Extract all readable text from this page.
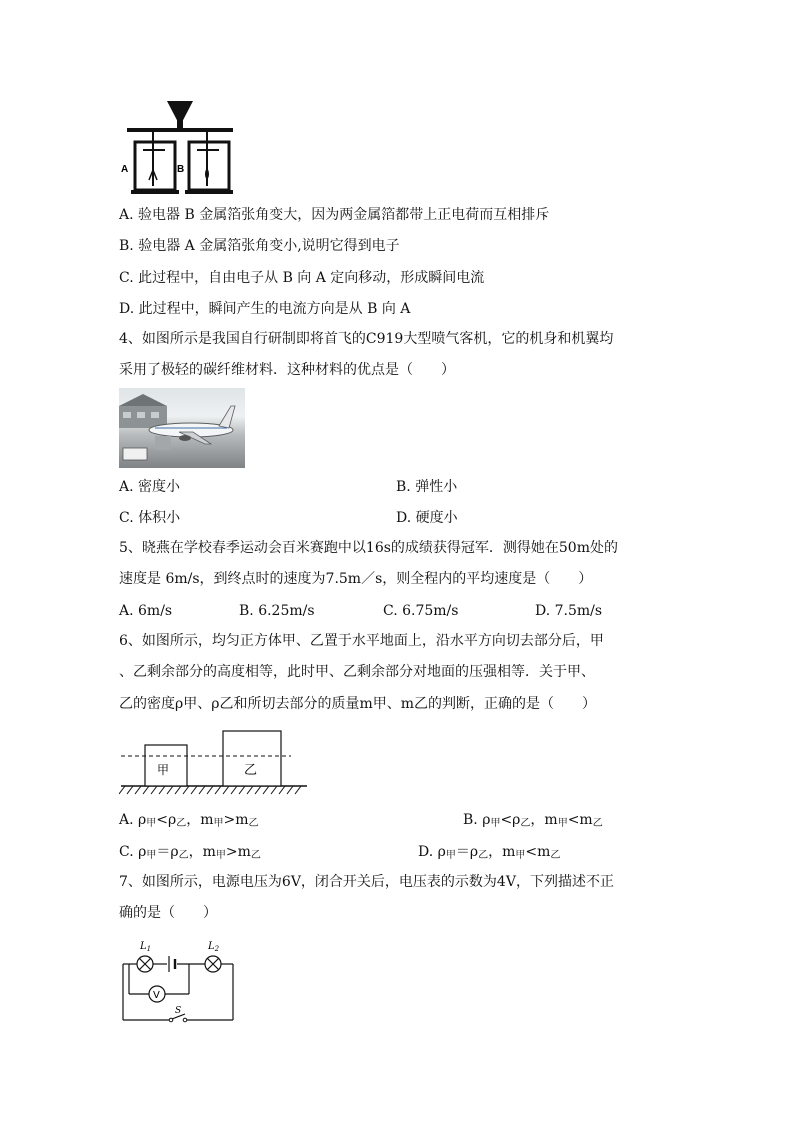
A	B
A. 验电器 B 金属箔张角变大，因为两金属箔都带上正电荷而互相排斥
B. 验电器 A 金属箔张角变小,说明它得到电子
C. 此过程中，自由电子从 B 向 A 定向移动，形成瞬间电流
D. 此过程中，瞬间产生的电流方向是从 B 向 A
4、如图所示是我国自行研制即将首飞的C919大型喷气客机，它的机身和机翼均
采用了极轻的碳纤维材料．这种材料的优点是（　　）
A. 密度小	B. 弹性小
C. 体积小	D. 硬度小
5、晓燕在学校春季运动会百米赛跑中以16s的成绩获得冠军．测得她在50m处的
速度是 6m/s，到终点时的速度为7.5m／s，则全程内的平均速度是（　　）
A. 6m/s	B. 6.25m/s	C. 6.75m/s	D. 7.5m/s
6、如图所示，均匀正方体甲、乙置于水平地面上，沿水平方向切去部分后，甲
、乙剩余部分的高度相等，此时甲、乙剩余部分对地面的压强相等．关于甲、
乙的密度ρ甲、ρ乙和所切去部分的质量m甲、m乙的判断，正确的是（　　）
甲	乙
A. $\rho_甲<\rho_乙$，$m_甲>m_乙$	B. $\rho_甲<\rho_乙$，$m_甲<m_乙$
C. $\rho_甲=\rho_乙$，$m_甲>m_乙$	D. $\rho_甲=\rho_乙$，$m_甲<m_乙$
7、如图所示，电源电压为6V，闭合开关后，电压表的示数为4V，下列描述不正
确的是（　　）
V
S
$L_1$	$L_2$
